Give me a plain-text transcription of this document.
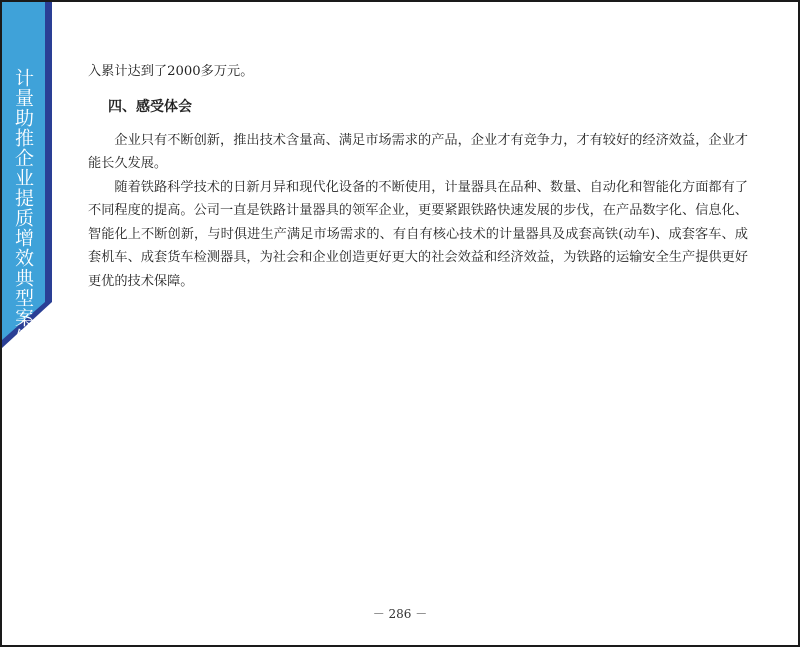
计量助推企业提质增效典型案例	入累计达到了2000多万元。

四、感受体会

企业只有不断创新，推出技术含量高、满足市场需求的产品，企业才有竞争力，才有较好的经济效益，企业才能长久发展。

随着铁路科学技术的日新月异和现代化设备的不断使用，计量器具在品种、数量、自动化和智能化方面都有了不同程度的提高。公司一直是铁路计量器具的领军企业，更要紧跟铁路快速发展的步伐，在产品数字化、信息化、智能化上不断创新，与时俱进生产满足市场需求的、有自有核心技术的计量器具及成套高铁(动车)、成套客车、成套机车、成套货车检测器具，为社会和企业创造更好更大的社会效益和经济效益，为铁路的运输安全生产提供更好更优的技术保障。

－ 286 －
